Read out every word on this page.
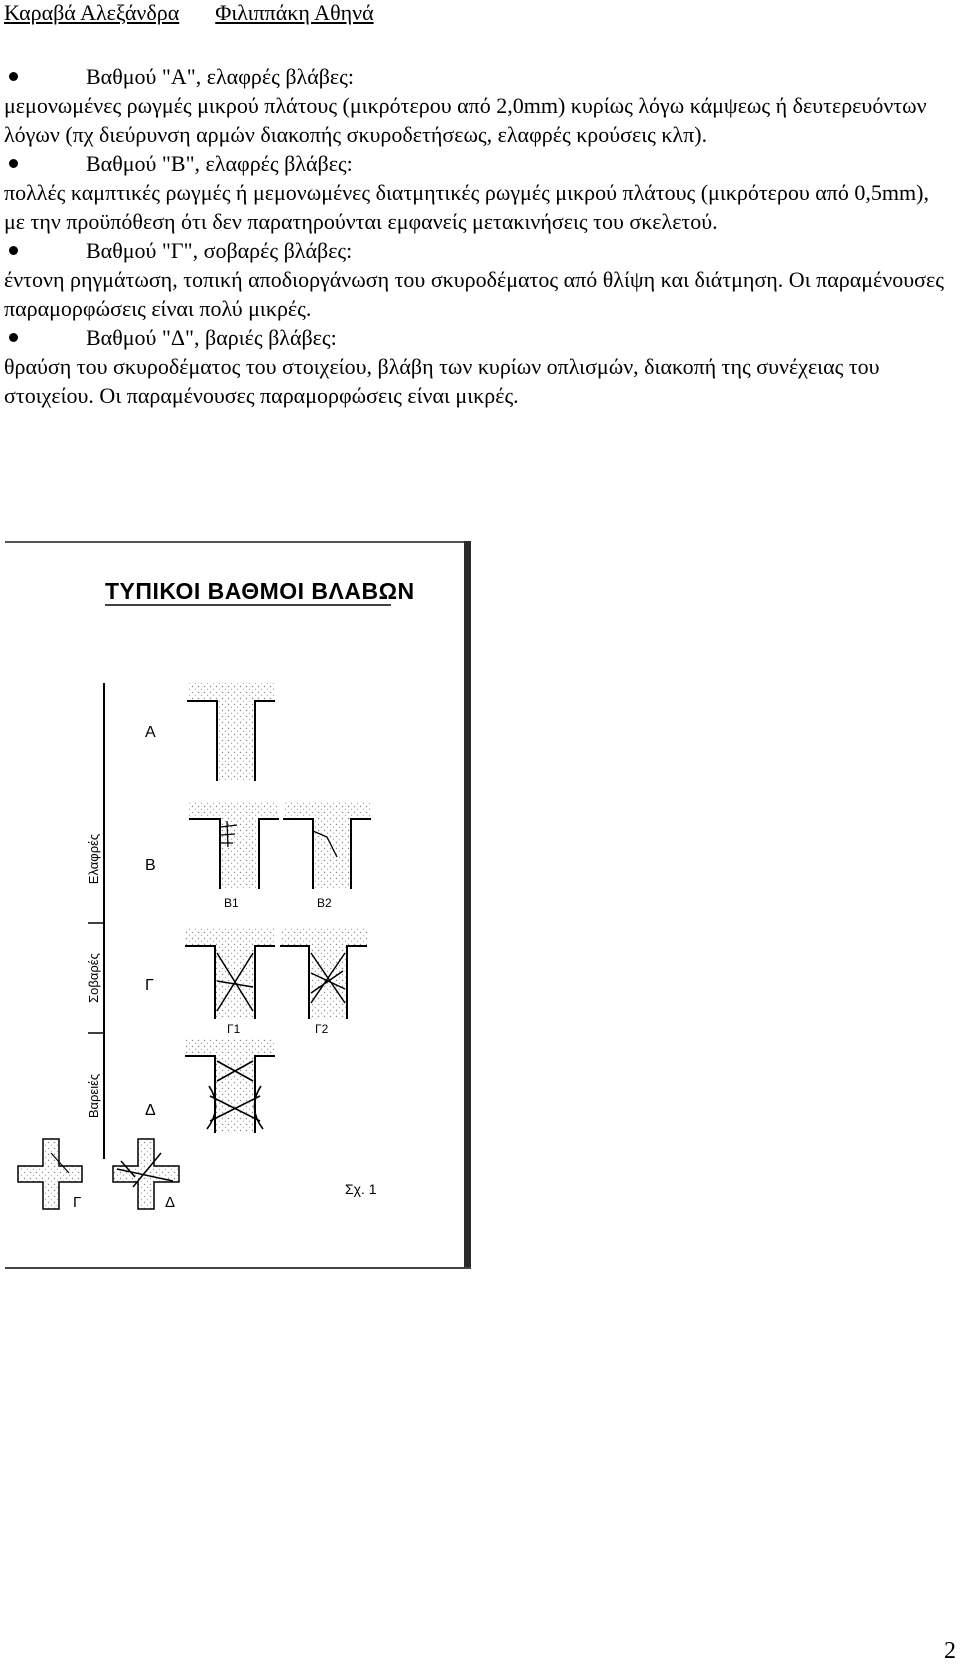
Καραβά Αλεξάνδρα Φιλιππάκη Αθηνά
Βαθμού "Α", ελαφρές βλάβες:

μεμονωμένες ρωγμές μικρού πλάτους (μικρότερου από 2,0mm) κυρίως λόγω κάμψεως ή δευτερευόντων λόγων (πχ διεύρυνση αρμών διακοπής σκυροδετήσεως, ελαφρές κρούσεις κλπ).

Βαθμού "Β", ελαφρές βλάβες:

πολλές καμπτικές ρωγμές ή μεμονωμένες διατμητικές ρωγμές μικρού πλάτους (μικρότερου από 0,5mm), με την προϋπόθεση ότι δεν παρατηρούνται εμφανείς μετακινήσεις του σκελετού.

Βαθμού "Γ", σοβαρές βλάβες:

έντονη ρηγμάτωση, τοπική αποδιοργάνωση του σκυροδέματος από θλίψη και διάτμηση. Οι παραμένουσες παραμορφώσεις είναι πολύ μικρές.

Βαθμού "Δ", βαριές βλάβες:

θραύση του σκυροδέματος του στοιχείου, βλάβη των κυρίων οπλισμών, διακοπή της συνέχειας του στοιχείου. Οι παραμένουσες παραμορφώσεις είναι μικρές.

ΤΥΠΙΚΟΙ ΒΑΘΜΟΙ ΒΛΑΒΩΝ
Ελαφρές
Σοβαρές
Βαρειές
Α
Β
Γ
Δ
Β1	Β2
Γ1	Γ2
Γ	Δ
Σχ. 1
2
